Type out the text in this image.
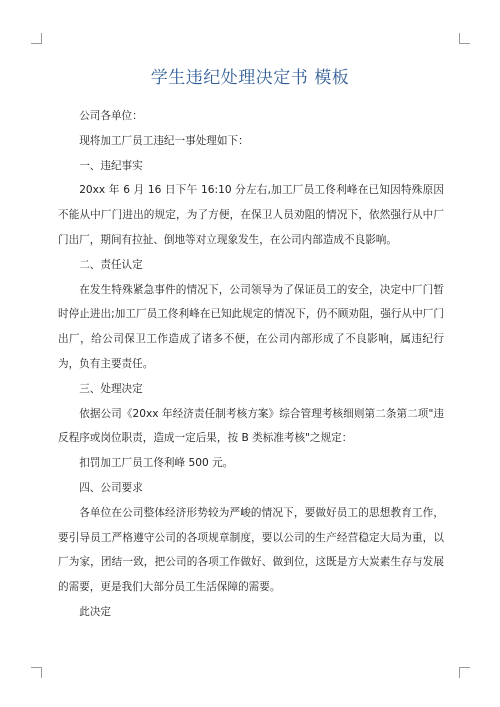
学生违纪处理决定书 模板

公司各单位：

现将加工厂员工违纪一事处理如下：

一、违纪事实

20xx 年 6 月 16 日下午 16:10 分左右,加工厂员工佟利峰在已知因特殊原因不能从中厂门进出的规定，为了方便，在保卫人员劝阻的情况下，依然强行从中厂门出厂，期间有拉扯、倒地等对立现象发生，在公司内部造成不良影响。

二、责任认定

在发生特殊紧急事件的情况下，公司领导为了保证员工的安全，决定中厂门暂时停止进出;加工厂员工佟利峰在已知此规定的情况下，仍不顾劝阻，强行从中厂门出厂，给公司保卫工作造成了诸多不便，在公司内部形成了不良影响，属违纪行为，负有主要责任。

三、处理决定

依据公司《20xx 年经济责任制考核方案》综合管理考核细则第二条第二项"违反程序或岗位职责，造成一定后果，按 B 类标准考核"之规定：

扣罚加工厂员工佟利峰 500 元。

四、公司要求

各单位在公司整体经济形势较为严峻的情况下，要做好员工的思想教育工作，要引导员工严格遵守公司的各项规章制度，要以公司的生产经营稳定大局为重，以厂为家，团结一致，把公司的各项工作做好、做到位，这既是方大炭素生存与发展的需要，更是我们大部分员工生活保障的需要。

此决定
